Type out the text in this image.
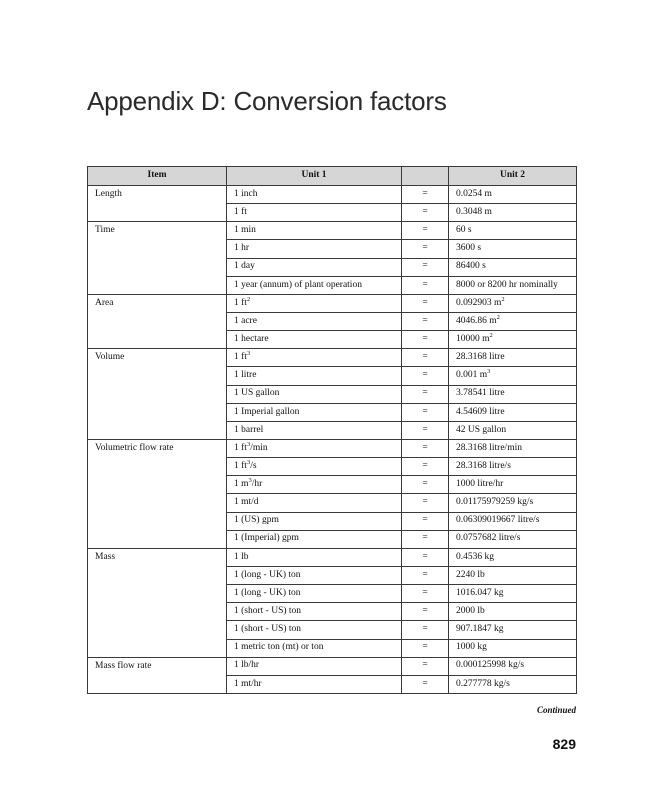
Appendix D: Conversion factors
Item	Unit 1		Unit 2
Length	1 inch	=	0.0254 m
	1 ft	=	0.3048 m
Time	1 min	=	60 s
	1 hr	=	3600 s
	1 day	=	86400 s
	1 year (annum) of plant operation	=	8000 or 8200 hr nominally
Area	1 $ft^2$	=	0.092903 $m^2$
	1 acre	=	4046.86 $m^2$
	1 hectare	=	10000 $m^2$
Volume	1 $ft^3$	=	28.3168 litre
	1 litre	=	0.001 $m^3$
	1 US gallon	=	3.78541 litre
	1 Imperial gallon	=	4.54609 litre
	1 barrel	=	42 US gallon
Volumetric flow rate	1 $ft^3/\min$	=	28.3168 litre/min
	1 $ft^3/s$	=	28.3168 litre/s
	1 $m^3/hr$	=	1000 litre/hr
	1 mt/d	=	0.01175979259 kg/s
	1 (US) gpm	=	0.06309019667 litre/s
	1 (Imperial) gpm	=	0.0757682 litre/s
Mass	1 lb	=	0.4536 kg
	1 (long - UK) ton	=	2240 lb
	1 (long - UK) ton	=	1016.047 kg
	1 (short - US) ton	=	2000 lb
	1 (short - US) ton	=	907.1847 kg
	1 metric ton (mt) or ton	=	1000 kg
Mass flow rate	1 lb/hr	=	0.000125998 kg/s
	1 mt/hr	=	0.277778 kg/s
Continued
829
